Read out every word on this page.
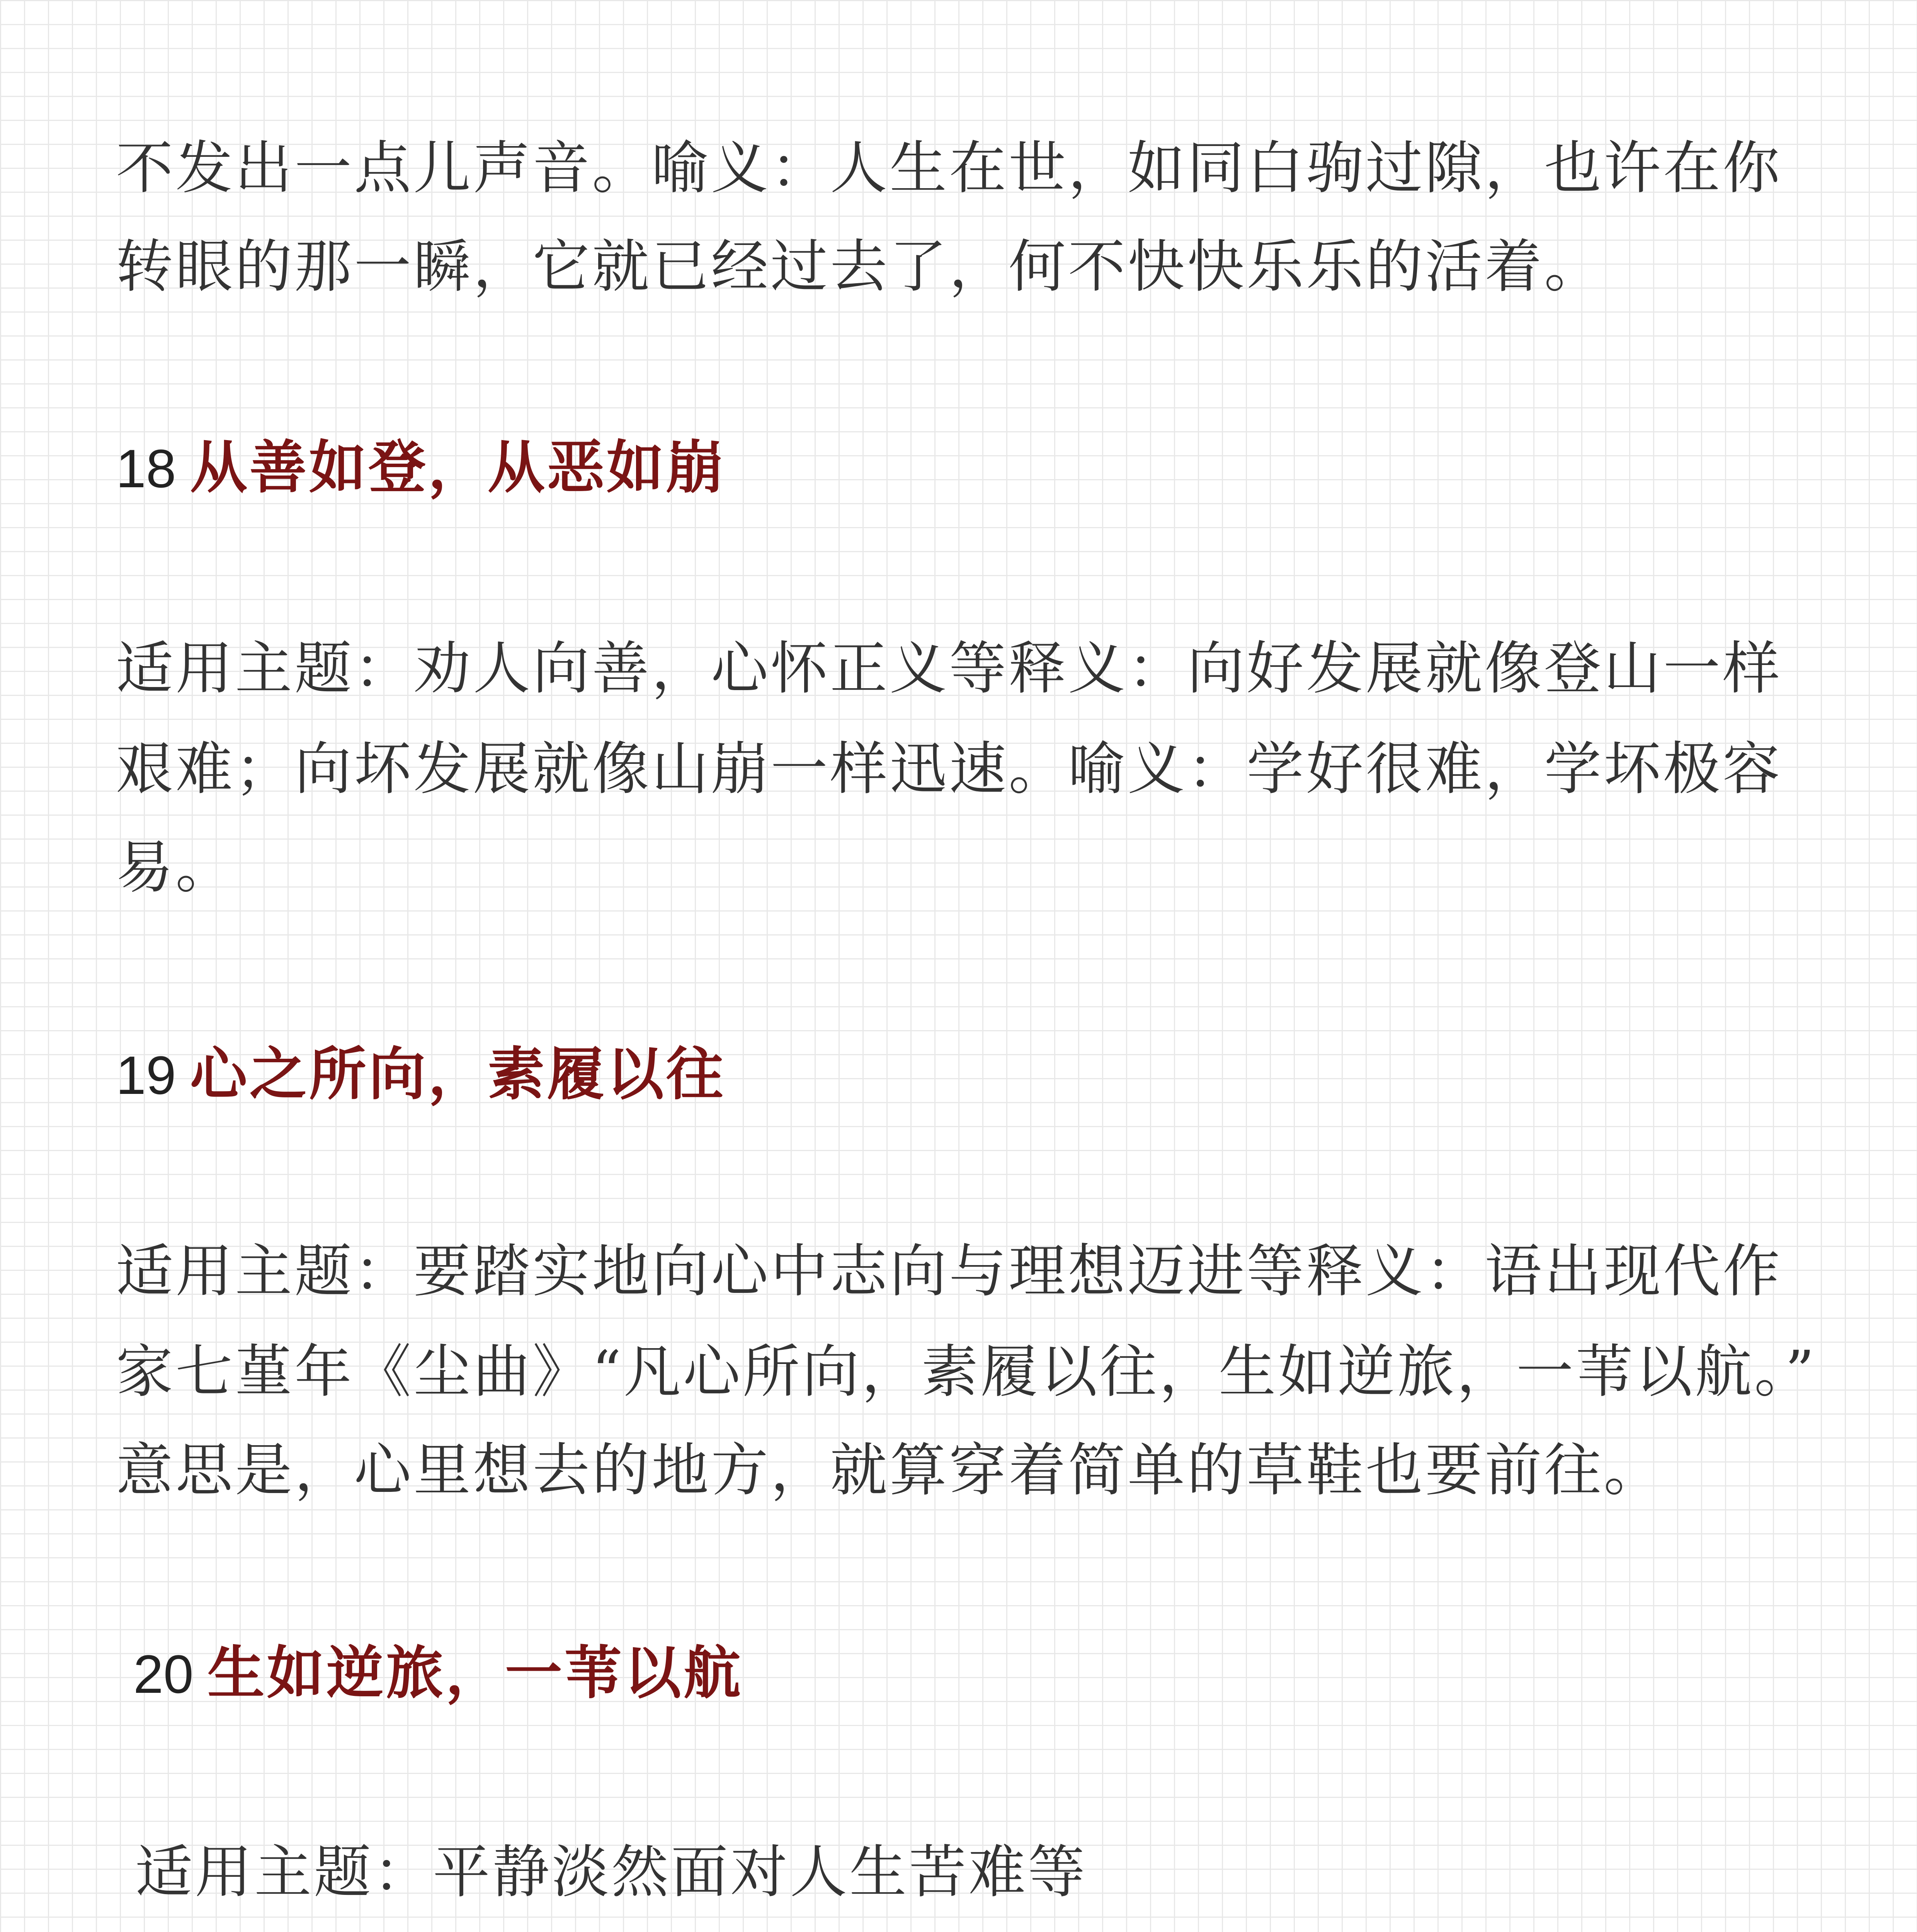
不发出一点儿声音。喻义：人生在世，如同白驹过隙，也许在你
转眼的那一瞬，它就已经过去了，何不快快乐乐的活着。
18 从善如登，从恶如崩
适用主题：劝人向善，心怀正义等释义：向好发展就像登山一样
艰难；向坏发展就像山崩一样迅速。喻义：学好很难，学坏极容
易。
19 心之所向，素履以往
适用主题：要踏实地向心中志向与理想迈进等释义：语出现代作
家七堇年《尘曲》“凡心所向，素履以往，生如逆旅，一苇以航。”
意思是，心里想去的地方，就算穿着简单的草鞋也要前往。
20 生如逆旅，一苇以航
适用主题：平静淡然面对人生苦难等
